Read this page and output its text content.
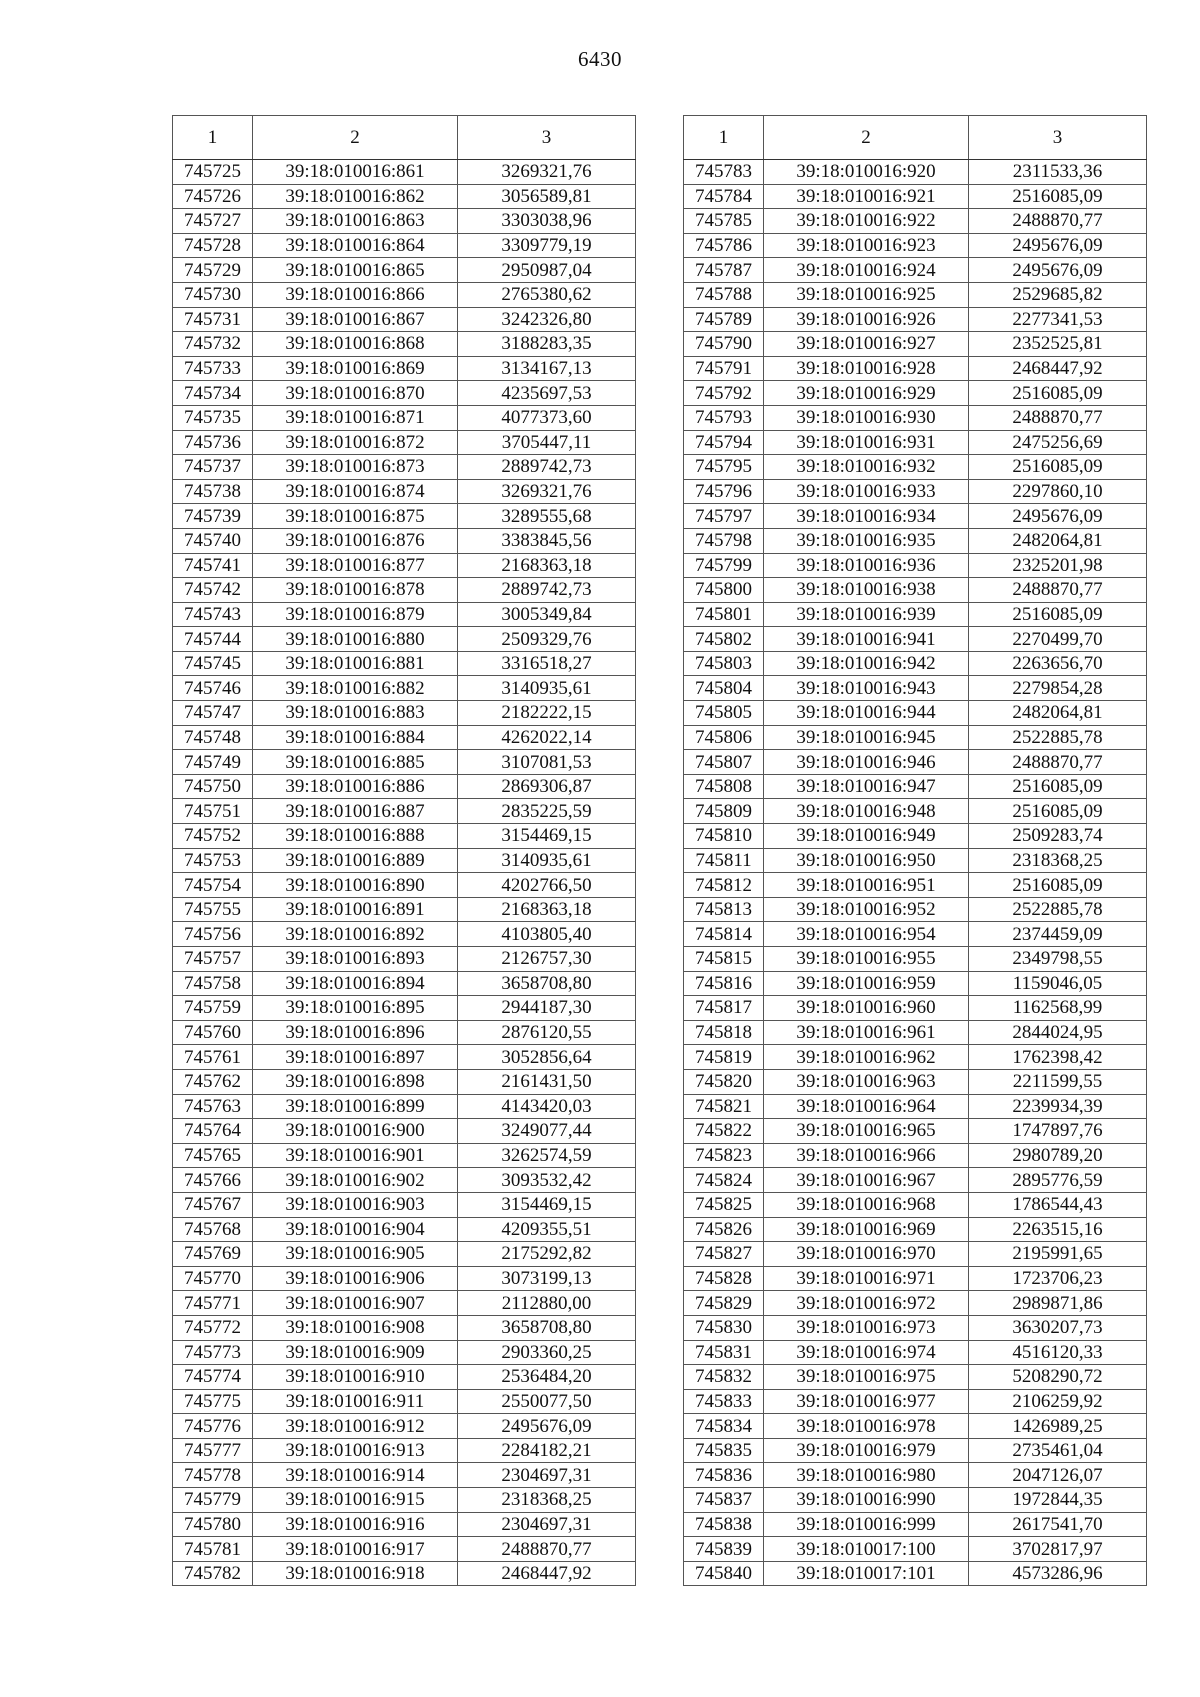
6430
1	2	3
745725	39:18:010016:861	3269321,76
745726	39:18:010016:862	3056589,81
745727	39:18:010016:863	3303038,96
745728	39:18:010016:864	3309779,19
745729	39:18:010016:865	2950987,04
745730	39:18:010016:866	2765380,62
745731	39:18:010016:867	3242326,80
745732	39:18:010016:868	3188283,35
745733	39:18:010016:869	3134167,13
745734	39:18:010016:870	4235697,53
745735	39:18:010016:871	4077373,60
745736	39:18:010016:872	3705447,11
745737	39:18:010016:873	2889742,73
745738	39:18:010016:874	3269321,76
745739	39:18:010016:875	3289555,68
745740	39:18:010016:876	3383845,56
745741	39:18:010016:877	2168363,18
745742	39:18:010016:878	2889742,73
745743	39:18:010016:879	3005349,84
745744	39:18:010016:880	2509329,76
745745	39:18:010016:881	3316518,27
745746	39:18:010016:882	3140935,61
745747	39:18:010016:883	2182222,15
745748	39:18:010016:884	4262022,14
745749	39:18:010016:885	3107081,53
745750	39:18:010016:886	2869306,87
745751	39:18:010016:887	2835225,59
745752	39:18:010016:888	3154469,15
745753	39:18:010016:889	3140935,61
745754	39:18:010016:890	4202766,50
745755	39:18:010016:891	2168363,18
745756	39:18:010016:892	4103805,40
745757	39:18:010016:893	2126757,30
745758	39:18:010016:894	3658708,80
745759	39:18:010016:895	2944187,30
745760	39:18:010016:896	2876120,55
745761	39:18:010016:897	3052856,64
745762	39:18:010016:898	2161431,50
745763	39:18:010016:899	4143420,03
745764	39:18:010016:900	3249077,44
745765	39:18:010016:901	3262574,59
745766	39:18:010016:902	3093532,42
745767	39:18:010016:903	3154469,15
745768	39:18:010016:904	4209355,51
745769	39:18:010016:905	2175292,82
745770	39:18:010016:906	3073199,13
745771	39:18:010016:907	2112880,00
745772	39:18:010016:908	3658708,80
745773	39:18:010016:909	2903360,25
745774	39:18:010016:910	2536484,20
745775	39:18:010016:911	2550077,50
745776	39:18:010016:912	2495676,09
745777	39:18:010016:913	2284182,21
745778	39:18:010016:914	2304697,31
745779	39:18:010016:915	2318368,25
745780	39:18:010016:916	2304697,31
745781	39:18:010016:917	2488870,77
745782	39:18:010016:918	2468447,92
1	2	3
745783	39:18:010016:920	2311533,36
745784	39:18:010016:921	2516085,09
745785	39:18:010016:922	2488870,77
745786	39:18:010016:923	2495676,09
745787	39:18:010016:924	2495676,09
745788	39:18:010016:925	2529685,82
745789	39:18:010016:926	2277341,53
745790	39:18:010016:927	2352525,81
745791	39:18:010016:928	2468447,92
745792	39:18:010016:929	2516085,09
745793	39:18:010016:930	2488870,77
745794	39:18:010016:931	2475256,69
745795	39:18:010016:932	2516085,09
745796	39:18:010016:933	2297860,10
745797	39:18:010016:934	2495676,09
745798	39:18:010016:935	2482064,81
745799	39:18:010016:936	2325201,98
745800	39:18:010016:938	2488870,77
745801	39:18:010016:939	2516085,09
745802	39:18:010016:941	2270499,70
745803	39:18:010016:942	2263656,70
745804	39:18:010016:943	2279854,28
745805	39:18:010016:944	2482064,81
745806	39:18:010016:945	2522885,78
745807	39:18:010016:946	2488870,77
745808	39:18:010016:947	2516085,09
745809	39:18:010016:948	2516085,09
745810	39:18:010016:949	2509283,74
745811	39:18:010016:950	2318368,25
745812	39:18:010016:951	2516085,09
745813	39:18:010016:952	2522885,78
745814	39:18:010016:954	2374459,09
745815	39:18:010016:955	2349798,55
745816	39:18:010016:959	1159046,05
745817	39:18:010016:960	1162568,99
745818	39:18:010016:961	2844024,95
745819	39:18:010016:962	1762398,42
745820	39:18:010016:963	2211599,55
745821	39:18:010016:964	2239934,39
745822	39:18:010016:965	1747897,76
745823	39:18:010016:966	2980789,20
745824	39:18:010016:967	2895776,59
745825	39:18:010016:968	1786544,43
745826	39:18:010016:969	2263515,16
745827	39:18:010016:970	2195991,65
745828	39:18:010016:971	1723706,23
745829	39:18:010016:972	2989871,86
745830	39:18:010016:973	3630207,73
745831	39:18:010016:974	4516120,33
745832	39:18:010016:975	5208290,72
745833	39:18:010016:977	2106259,92
745834	39:18:010016:978	1426989,25
745835	39:18:010016:979	2735461,04
745836	39:18:010016:980	2047126,07
745837	39:18:010016:990	1972844,35
745838	39:18:010016:999	2617541,70
745839	39:18:010017:100	3702817,97
745840	39:18:010017:101	4573286,96
